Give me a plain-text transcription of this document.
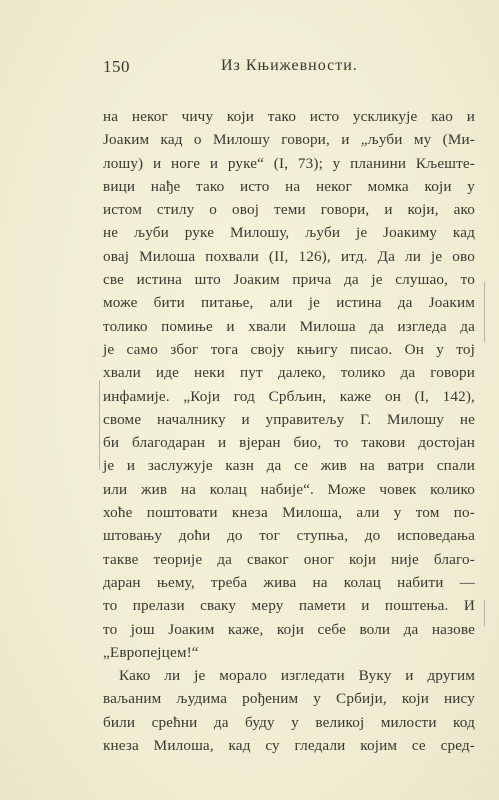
150	Из Књижевности.
на неког чичу који тако исто ускликује као и
Јоаким кад о Милошу говори, и „љуби му (Ми-
лошу) и ноге и руке“ (I, 73); у планини Кљеште-
вици нађе тако исто на неког момка који у
истом стилу о овој теми говори, и који, ако
не љуби руке Милошу, љуби је Јоакиму кад
овај Милоша похвали (II, 126), итд. Да ли је ово
све истина што Јоаким прича да је слушао, то
може бити питање, али је истина да Јоаким
толико помиње и хвали Милоша да изгледа да
је само због тога своју књигу писао. Он у тој
хвали иде неки пут далеко, толико да говори
инфамије. „Који год Србљин, каже он (I, 142),
своме началнику и управитељу Г. Милошу не
би благодаран и вјеран био, то такови достојан
је и заслужује казн да се жив на ватри спали
или жив на колац набије“. Може човек колико
хоће поштовати кнеза Милоша, али у том по-
штовању доћи до тог ступња, до исповедања
такве теорије да сваког оног који није благо-
даран њему, треба жива на колац набити —
то прелази сваку меру памети и поштења. И
то још Јоаким каже, који себе воли да назове
„Европејцем!“
Како ли је морало изгледати Вуку и другим
ваљаним људима рођеним у Србији, који нису
били срећни да буду у великој милости код
кнеза Милоша, кад су гледали којим се сред-
